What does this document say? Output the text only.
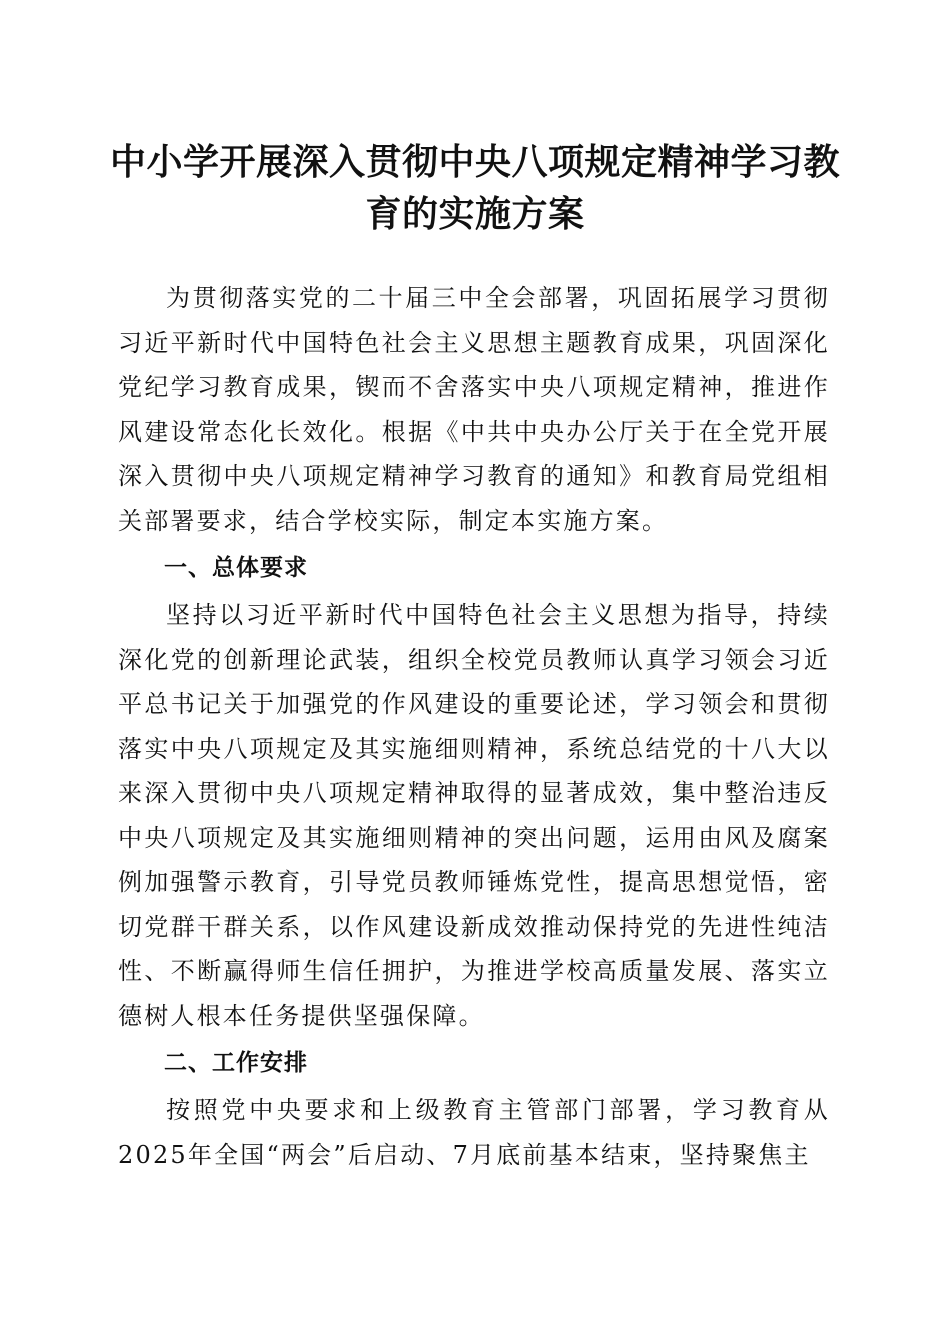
中小学开展深入贯彻中央八项规定精神学习教育的实施方案

为贯彻落实党的二十届三中全会部署，巩固拓展学习贯彻习近平新时代中国特色社会主义思想主题教育成果，巩固深化党纪学习教育成果，锲而不舍落实中央八项规定精神，推进作风建设常态化长效化。根据《中共中央办公厅关于在全党开展深入贯彻中央八项规定精神学习教育的通知》和教育局党组相关部署要求，结合学校实际，制定本实施方案。

一、总体要求

坚持以习近平新时代中国特色社会主义思想为指导，持续深化党的创新理论武装，组织全校党员教师认真学习领会习近平总书记关于加强党的作风建设的重要论述，学习领会和贯彻落实中央八项规定及其实施细则精神，系统总结党的十八大以来深入贯彻中央八项规定精神取得的显著成效，集中整治违反中央八项规定及其实施细则精神的突出问题，运用由风及腐案例加强警示教育，引导党员教师锤炼党性，提高思想觉悟，密切党群干群关系，以作风建设新成效推动保持党的先进性纯洁性、不断赢得师生信任拥护，为推进学校高质量发展、落实立德树人根本任务提供坚强保障。

二、工作安排

按照党中央要求和上级教育主管部门部署，学习教育从2025年全国“两会”后启动、7月底前基本结束，坚持聚焦主
